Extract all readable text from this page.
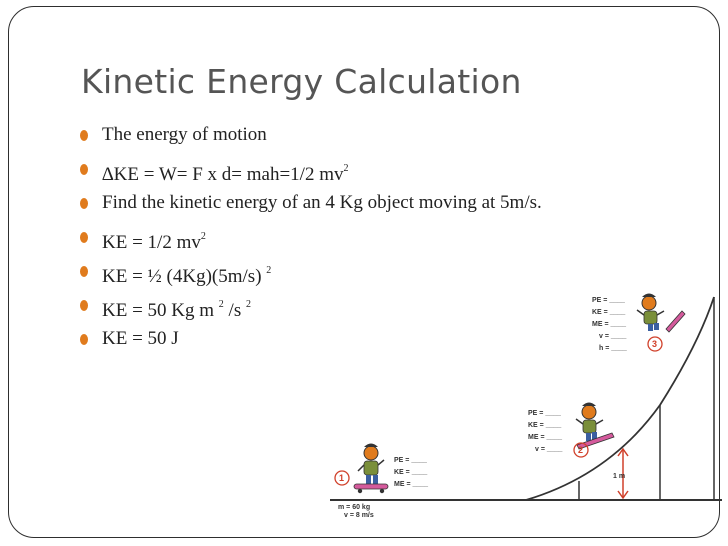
Kinetic Energy Calculation
The energy of motion
∆KE = W= F x d= mah=1/2 $mv^2$
Find the kinetic energy of an 4 Kg object moving at 5m/s.
KE = 1/2 $mv^2$
KE = ½ (4Kg)(5m/s) $^2$
KE = 50 Kg m $^2$ /s $^2$
KE = 50 J
1 m
1
PE = ____
KE = ____
ME = ____
m = 60 kg
v = 8 m/s
2
PE = ____
KE = ____
ME = ____
v = ____
3
PE = ____
KE = ____
ME = ____
v = ____
h = ____
